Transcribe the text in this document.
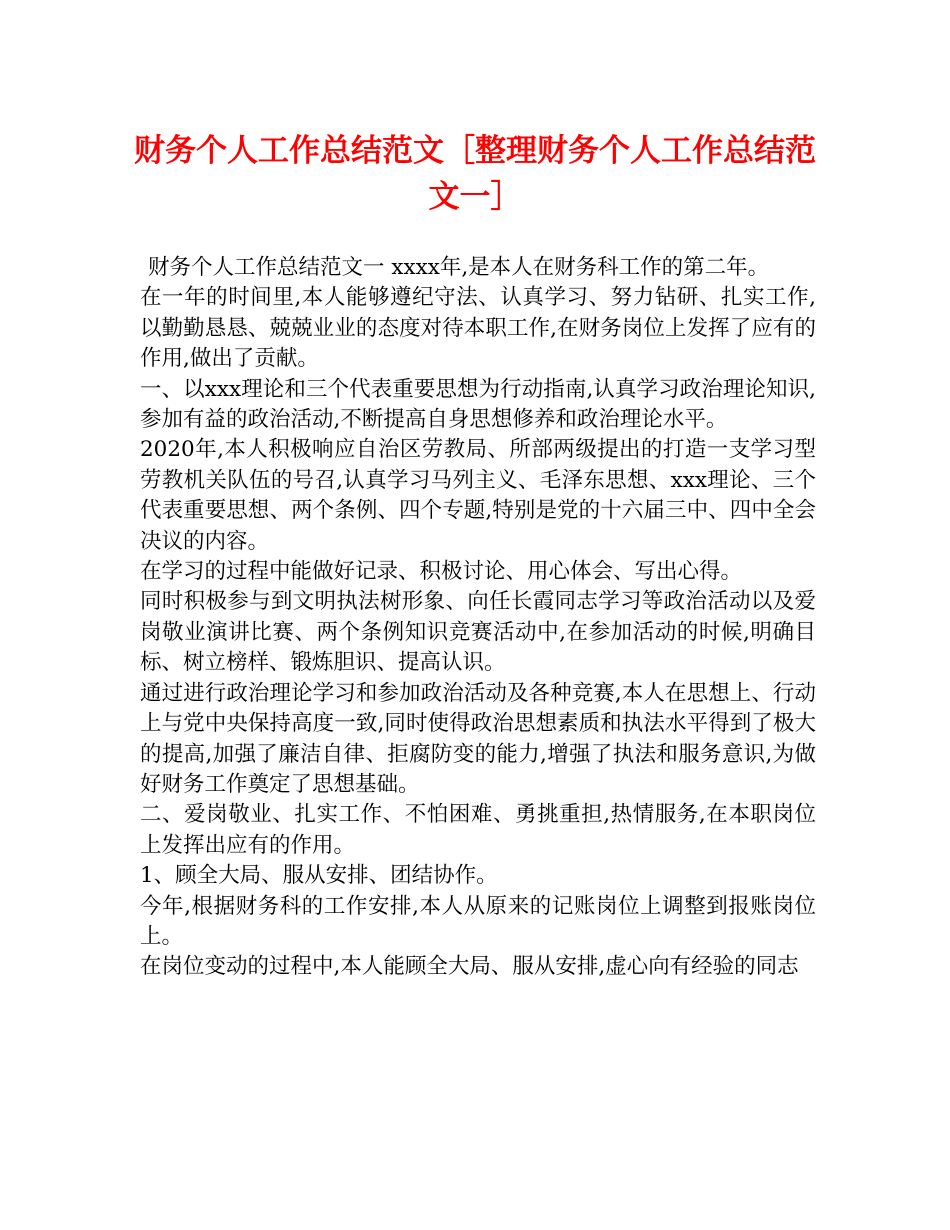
财务个人工作总结范文［整理财务个人工作总结范文一］

财务个人工作总结范文一 xxxx年,是本人在财务科工作的第二年。

在一年的时间里,本人能够遵纪守法、认真学习、努力钻研、扎实工作,以勤勤恳恳、兢兢业业的态度对待本职工作,在财务岗位上发挥了应有的作用,做出了贡献。

一、以xxx理论和三个代表重要思想为行动指南,认真学习政治理论知识,参加有益的政治活动,不断提高自身思想修养和政治理论水平。

2020年,本人积极响应自治区劳教局、所部两级提出的打造一支学习型劳教机关队伍的号召,认真学习马列主义、毛泽东思想、xxx理论、三个代表重要思想、两个条例、四个专题,特别是党的十六届三中、四中全会决议的内容。

在学习的过程中能做好记录、积极讨论、用心体会、写出心得。

同时积极参与到文明执法树形象、向任长霞同志学习等政治活动以及爱岗敬业演讲比赛、两个条例知识竞赛活动中,在参加活动的时候,明确目标、树立榜样、锻炼胆识、提高认识。

通过进行政治理论学习和参加政治活动及各种竞赛,本人在思想上、行动上与党中央保持高度一致,同时使得政治思想素质和执法水平得到了极大的提高,加强了廉洁自律、拒腐防变的能力,增强了执法和服务意识,为做好财务工作奠定了思想基础。

二、爱岗敬业、扎实工作、不怕困难、勇挑重担,热情服务,在本职岗位上发挥出应有的作用。

1、顾全大局、服从安排、团结协作。

今年,根据财务科的工作安排,本人从原来的记账岗位上调整到报账岗位上。

在岗位变动的过程中,本人能顾全大局、服从安排,虚心向有经验的同志
